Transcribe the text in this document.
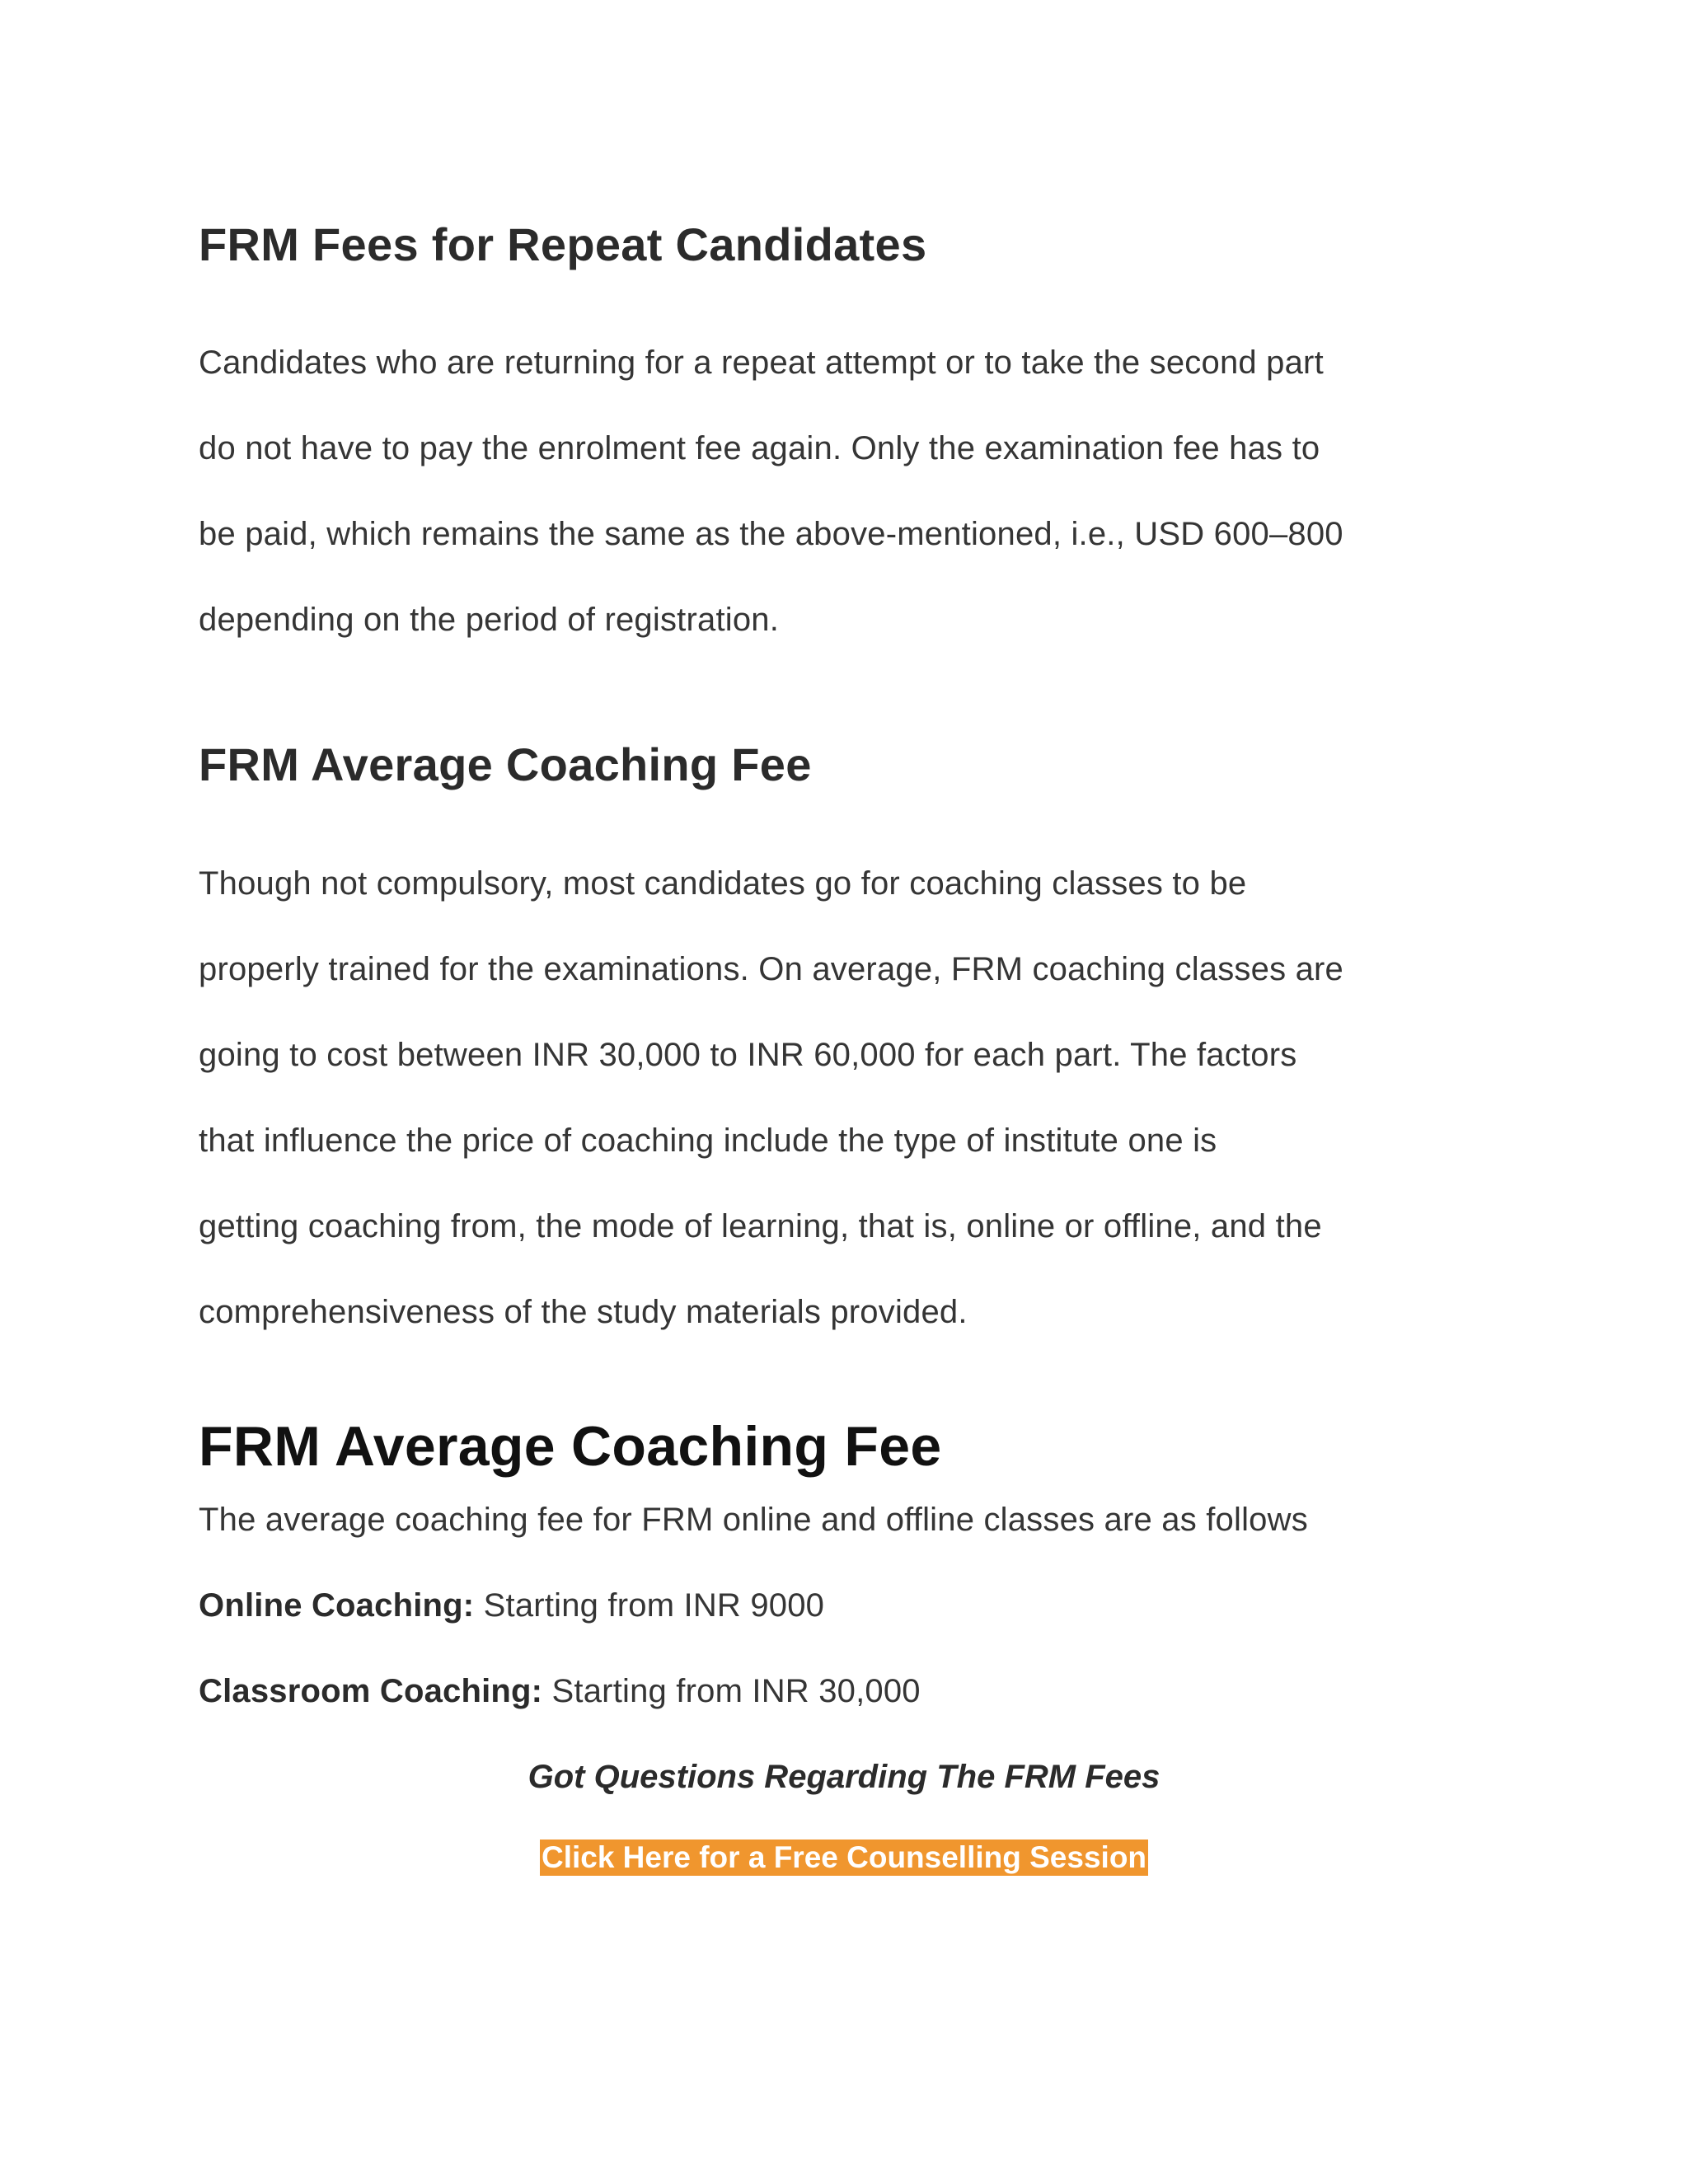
FRM Fees for Repeat Candidates

Candidates who are returning for a repeat attempt or to take the second part
do not have to pay the enrolment fee again. Only the examination fee has to
be paid, which remains the same as the above-mentioned, i.e., USD 600–800
depending on the period of registration.

FRM Average Coaching Fee

Though not compulsory, most candidates go for coaching classes to be
properly trained for the examinations. On average, FRM coaching classes are
going to cost between INR 30,000 to INR 60,000 for each part. The factors
that influence the price of coaching include the type of institute one is
getting coaching from, the mode of learning, that is, online or offline, and the
comprehensiveness of the study materials provided.

FRM Average Coaching Fee

The average coaching fee for FRM online and offline classes are as follows

Online Coaching: Starting from INR 9000

Classroom Coaching: Starting from INR 30,000

Got Questions Regarding The FRM Fees

Click Here for a Free Counselling Session
